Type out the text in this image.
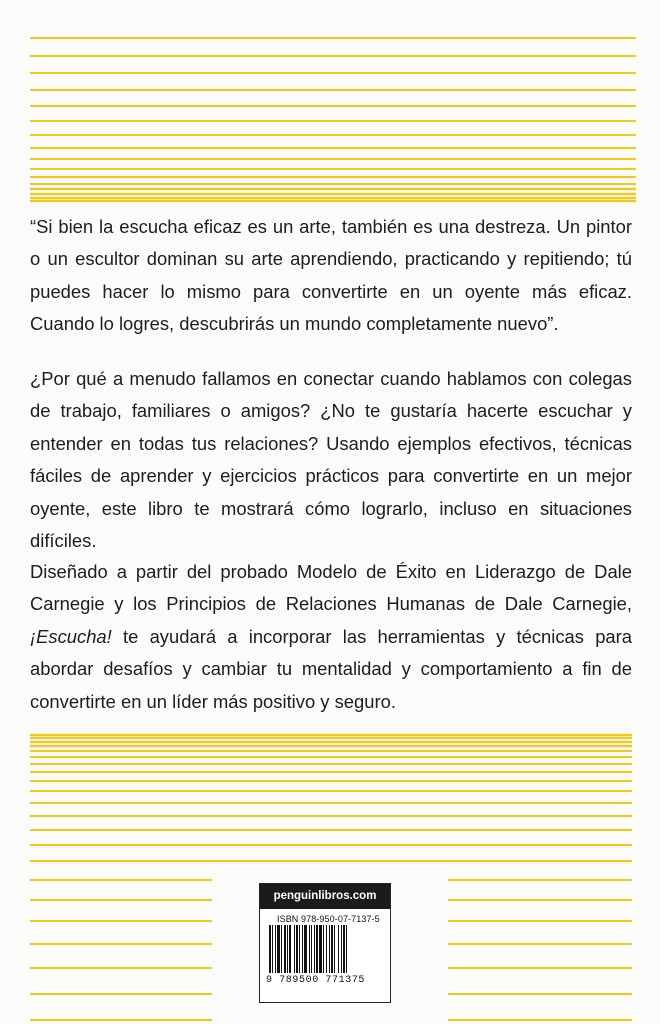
“Si bien la escucha eficaz es un arte, también es una destreza. Un pintor o un escultor dominan su arte aprendiendo, practicando y repitiendo; tú puedes hacer lo mismo para convertirte en un oyente más eficaz. Cuando lo logres, descubrirás un mundo completamente nuevo”.

¿Por qué a menudo fallamos en conectar cuando hablamos con colegas de trabajo, familiares o amigos? ¿No te gustaría hacerte escuchar y entender en todas tus relaciones? Usando ejemplos efectivos, técnicas fáciles de aprender y ejercicios prácticos para convertirte en un mejor oyente, este libro te mostrará cómo lograrlo, incluso en situaciones difíciles.

Diseñado a partir del probado Modelo de Éxito en Liderazgo de Dale Carnegie y los Principios de Relaciones Humanas de Dale Carnegie, ¡Escucha! te ayudará a incorporar las herramientas y técnicas para abordar desafíos y cambiar tu mentalidad y comportamiento a fin de convertirte en un líder más positivo y seguro.

penguinlibros.com
ISBN 978-950-07-7137-5
9 789500 771375
